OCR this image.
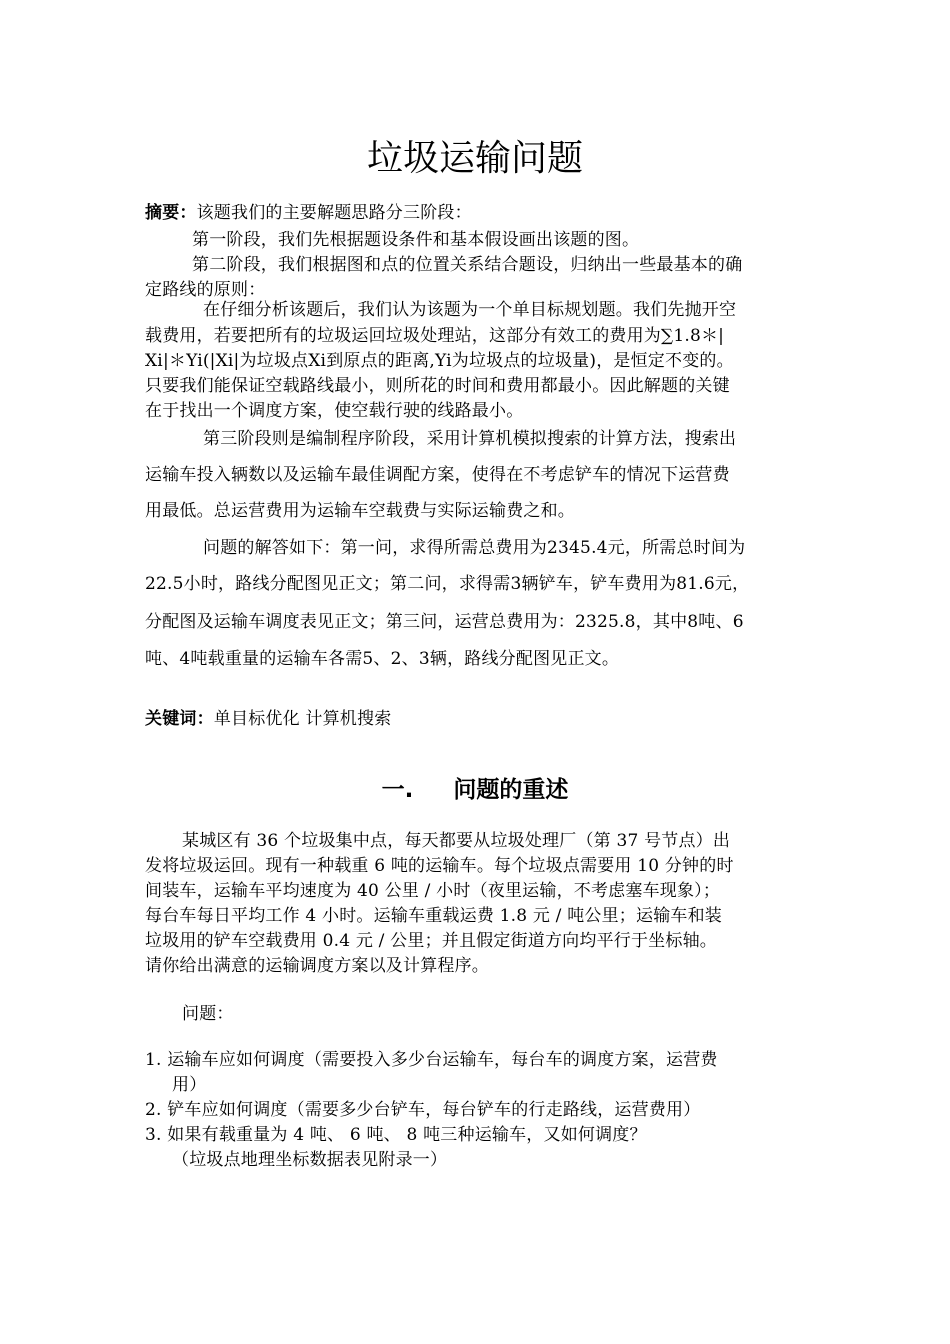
垃圾运输问题
摘要：该题我们的主要解题思路分三阶段：
第一阶段，我们先根据题设条件和基本假设画出该题的图。
第二阶段，我们根据图和点的位置关系结合题设，归纳出一些最基本的确
定路线的原则：
在仔细分析该题后，我们认为该题为一个单目标规划题。我们先抛开空
载费用，若要把所有的垃圾运回垃圾处理站，这部分有效工的费用为∑1.8＊|
Xi|＊Yi(|Xi|为垃圾点Xi到原点的距离,Yi为垃圾点的垃圾量)，是恒定不变的。
只要我们能保证空载路线最小，则所花的时间和费用都最小。因此解题的关键
在于找出一个调度方案，使空载行驶的线路最小。
第三阶段则是编制程序阶段，采用计算机模拟搜索的计算方法，搜索出
运输车投入辆数以及运输车最佳调配方案，使得在不考虑铲车的情况下运营费
用最低。总运营费用为运输车空载费与实际运输费之和。
问题的解答如下：第一问，求得所需总费用为2345.4元，所需总时间为
22.5小时，路线分配图见正文；第二问，求得需3辆铲车，铲车费用为81.6元，
分配图及运输车调度表见正文；第三问，运营总费用为：2325.8，其中8吨、6
吨、4吨载重量的运输车各需5、2、3辆，路线分配图见正文。
关键词：单目标优化 计算机搜索
一. 问题的重述
某城区有 36 个垃圾集中点，每天都要从垃圾处理厂（第 37 号节点）出
发将垃圾运回。现有一种载重 6 吨的运输车。每个垃圾点需要用 10 分钟的时
间装车，运输车平均速度为 40 公里 / 小时（夜里运输，不考虑塞车现象）；
每台车每日平均工作 4 小时。运输车重载运费 1.8 元 / 吨公里；运输车和装
垃圾用的铲车空载费用 0.4 元 / 公里；并且假定街道方向均平行于坐标轴。
请你给出满意的运输调度方案以及计算程序。
问题：
1. 运输车应如何调度（需要投入多少台运输车，每台车的调度方案，运营费
用）
2. 铲车应如何调度（需要多少台铲车，每台铲车的行走路线，运营费用）
3. 如果有载重量为 4 吨、 6 吨、 8 吨三种运输车，又如何调度？
（垃圾点地理坐标数据表见附录一）
